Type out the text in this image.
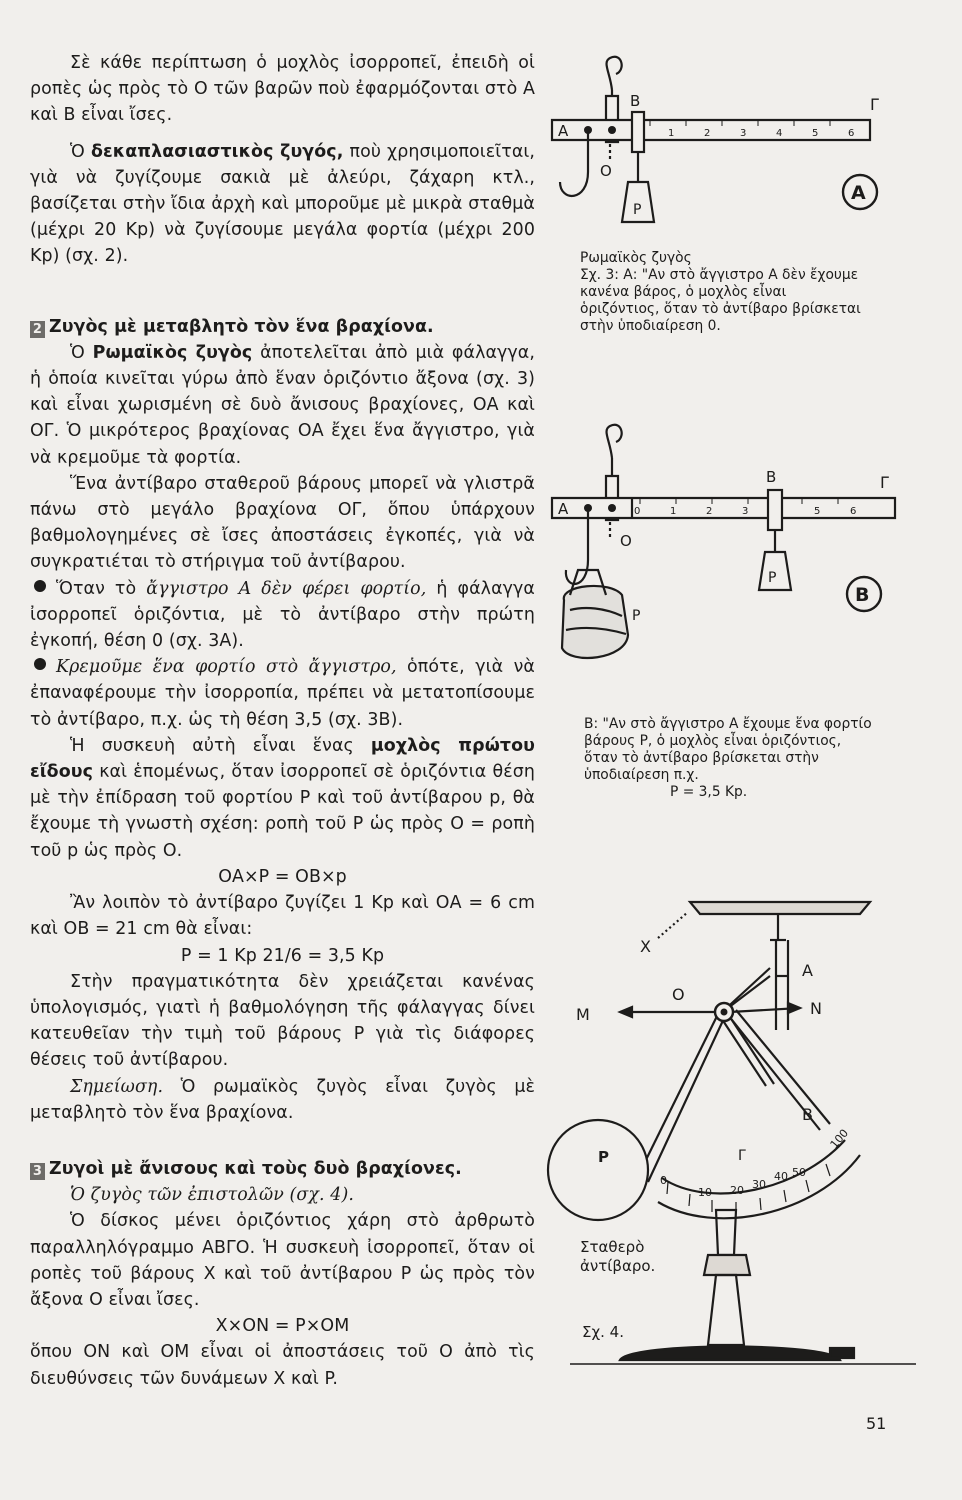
Σὲ κάθε περίπτωση ὁ μοχλὸς ἰσορροπεῖ, ἐπειδὴ οἱ ροπὲς ὡς πρὸς τὸ Ο τῶν βαρῶν ποὺ ἐφαρμόζονται στὸ Α καὶ Β εἶναι ἴσες.

Ὁ δεκαπλασιαστικὸς ζυγός, ποὺ χρησιμοποιεῖται, γιὰ νὰ ζυγίζουμε σακιὰ μὲ ἀλεύρι, ζάχαρη κτλ., βασίζεται στὴν ἴδια ἀρχὴ καὶ μποροῦμε μὲ μικρὰ σταθμὰ (μέχρι 20 Kp) νὰ ζυγίσουμε μεγάλα φορτία (μέχρι 200 Kp) (σχ. 2).

2 Ζυγὸς μὲ μεταβλητὸ τὸν ἕνα βραχίονα.

Ὁ Ρωμαϊκὸς ζυγὸς ἀποτελεῖται ἀπὸ μιὰ φάλαγγα, ἡ ὁποία κινεῖται γύρω ἀπὸ ἕναν ὁριζόντιο ἄξονα (σχ. 3) καὶ εἶναι χωρισμένη σὲ δυὸ ἄνισους βραχίονες, ΟΑ καὶ ΟΓ. Ὁ μικρότερος βραχίονας ΟΑ ἔχει ἕνα ἄγγιστρο, γιὰ νὰ κρεμοῦμε τὰ φορτία.

Ἕνα ἀντίβαρο σταθεροῦ βάρους μπορεῖ νὰ γλιστρᾶ πάνω στὸ μεγάλο βραχίονα ΟΓ, ὅπου ὑπάρχουν βαθμολογημένες σὲ ἴσες ἀποστάσεις ἐγκοπές, γιὰ νὰ συγκρατιέται τὸ στήριγμα τοῦ ἀντίβαρου.

Ὅταν τὸ ἄγγιστρο Α δὲν φέρει φορτίο, ἡ φάλαγγα ἰσορροπεῖ ὁριζόντια, μὲ τὸ ἀντίβαρο στὴν πρώτη ἐγκοπή, θέση 0 (σχ. 3Α).

Κρεμοῦμε ἕνα φορτίο στὸ ἄγγιστρο, ὁπότε, γιὰ νὰ ἐπαναφέρουμε τὴν ἰσορροπία, πρέπει νὰ μετατοπίσουμε τὸ ἀντίβαρο, π.χ. ὡς τὴ θέση 3,5 (σχ. 3Β).

Ἡ συσκευὴ αὐτὴ εἶναι ἕνας μοχλὸς πρώτου εἴδους καὶ ἑπομένως, ὅταν ἰσορροπεῖ σὲ ὁριζόντια θέση μὲ τὴν ἐπίδραση τοῦ φορτίου P καὶ τοῦ ἀντίβαρου p, θὰ ἔχουμε τὴ γνωστὴ σχέση: ροπὴ τοῦ P ὡς πρὸς Ο = ροπὴ τοῦ p ὡς πρὸς Ο.

ΟΑ×P = ΟΒ×p

Ἂν λοιπὸν τὸ ἀντίβαρο ζυγίζει 1 Kp καὶ ΟΑ = 6 cm καὶ ΟΒ = 21 cm θὰ εἶναι:

P = 1 Kp 21/6 = 3,5 Kp

Στὴν πραγματικότητα δὲν χρειάζεται κανένας ὑπολογισμός, γιατὶ ἡ βαθμολόγηση τῆς φάλαγγας δίνει κατευθεῖαν τὴν τιμὴ τοῦ βάρους P γιὰ τὶς διάφορες θέσεις τοῦ ἀντίβαρου.

Σημείωση. Ὁ ρωμαϊκὸς ζυγὸς εἶναι ζυγὸς μὲ μεταβλητὸ τὸν ἕνα βραχίονα.

3 Ζυγοὶ μὲ ἄνισους καὶ τοὺς δυὸ βραχίονες.

Ὁ ζυγὸς τῶν ἐπιστολῶν (σχ. 4).

Ὁ δίσκος μένει ὁριζόντιος χάρη στὸ ἀρθρωτὸ παραλληλόγραμμο ΑΒΓΟ. Ἡ συσκευὴ ἰσορροπεῖ, ὅταν οἱ ροπὲς τοῦ βάρους Χ καὶ τοῦ ἀντίβαρου P ὡς πρὸς τὸν ἄξονα Ο εἶναι ἴσες.

Χ×ΟΝ = P×ΟΜ

ὅπου ΟΝ καὶ ΟΜ εἶναι οἱ ἀποστάσεις τοῦ Ο ἀπὸ τὶς διευθύνσεις τῶν δυνάμεων Χ καὶ P.

1	2	3	4	5	6
A
B
O
Γ
P
A
Ρωμαϊκὸς ζυγὸς
Σχ. 3: Α: "Αν στὸ ἄγγιστρο Α δὲν ἔχουμε κανένα βάρος, ὁ μοχλὸς εἶναι ὁριζόντιος, ὅταν τὸ ἀντίβαρο βρίσκεται στὴν ὑποδιαίρεση 0.
0	1	2	3	5	6
A
B
O
Γ
P
P
B
Β: "Αν στὸ ἄγγιστρο Α ἔχουμε ἕνα φορτίο βάρους P, ὁ μοχλὸς εἶναι ὁριζόντιος, ὅταν τὸ ἀντίβαρο βρίσκεται στὴν ὑποδιαίρεση π.χ.
P = 3,5 Kp.
0
10 20 30
40 50
100
X
A
O
M	N
B
Γ
P
Σταθερὸ ἀντίβαρο.
Σχ. 4.
51
